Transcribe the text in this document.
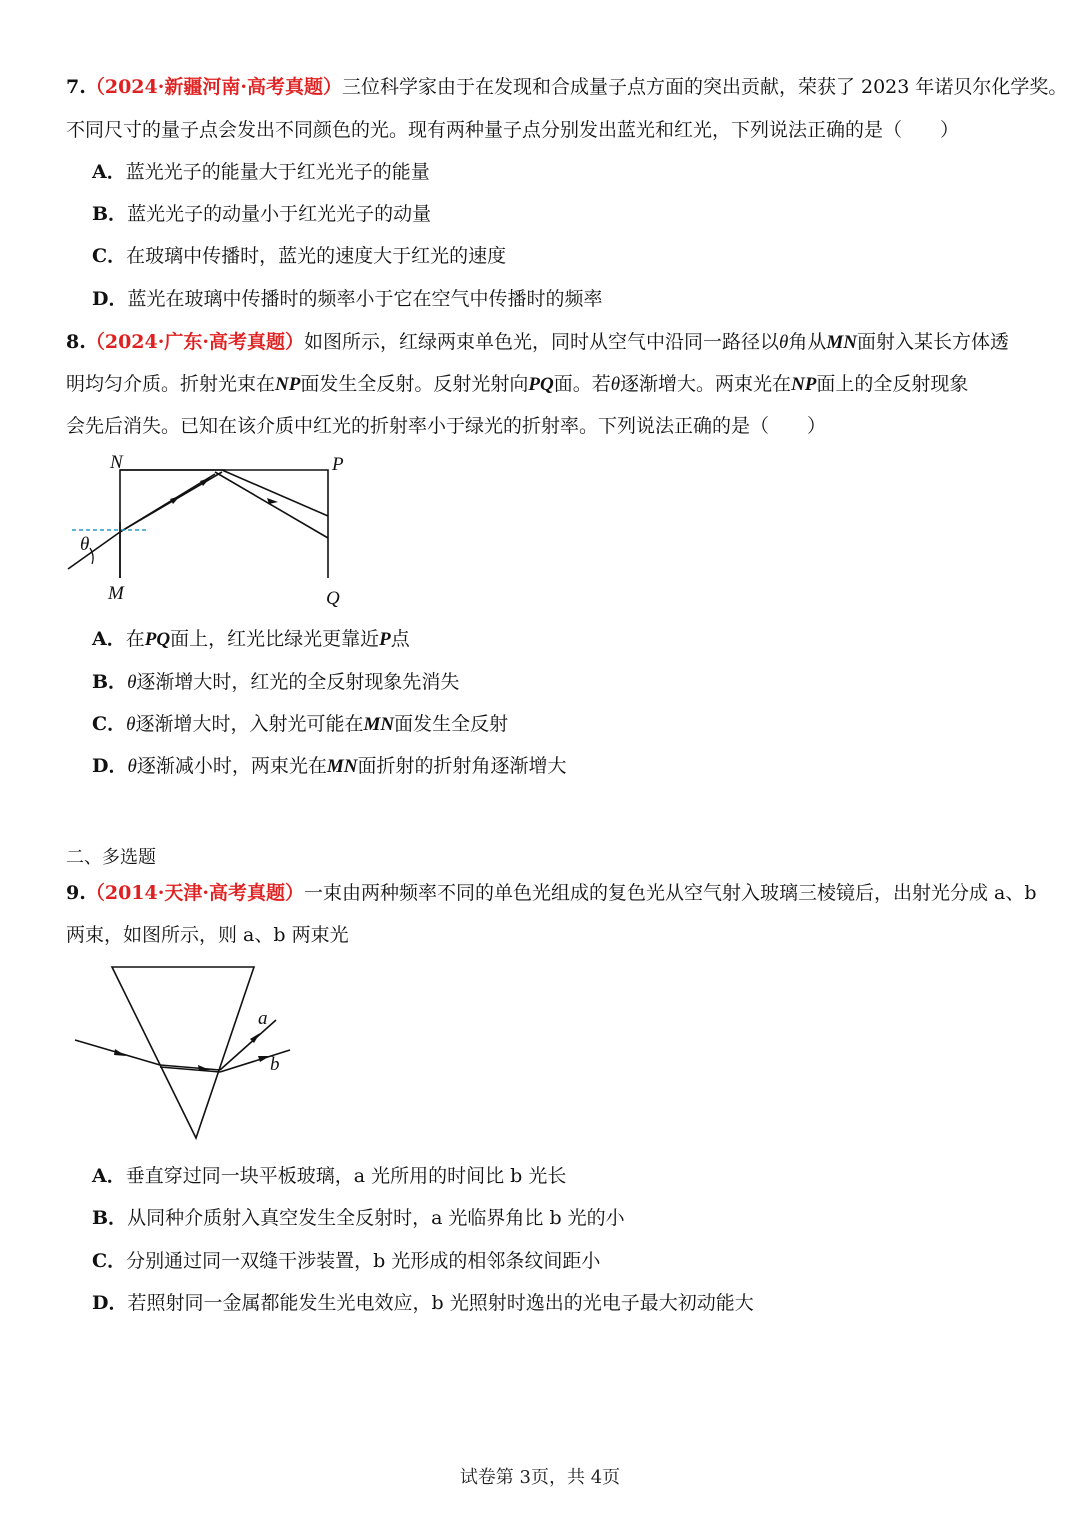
7.（2024·新疆河南·高考真题）三位科学家由于在发现和合成量子点方面的突出贡献，荣获了 2023 年诺贝尔化学奖。
不同尺寸的量子点会发出不同颜色的光。现有两种量子点分别发出蓝光和红光，下列说法正确的是（　　）
A．蓝光光子的能量大于红光光子的能量
B．蓝光光子的动量小于红光光子的动量
C．在玻璃中传播时，蓝光的速度大于红光的速度
D．蓝光在玻璃中传播时的频率小于它在空气中传播时的频率
8.（2024·广东·高考真题）如图所示，红绿两束单色光，同时从空气中沿同一路径以θ角从MN面射入某长方体透
明均匀介质。折射光束在NP面发生全反射。反射光射向PQ面。若θ逐渐增大。两束光在NP面上的全反射现象
会先后消失。已知在该介质中红光的折射率小于绿光的折射率。下列说法正确的是（　　）
N	P
M	Q
θ
A．在PQ面上，红光比绿光更靠近P点
B．θ逐渐增大时，红光的全反射现象先消失
C．θ逐渐增大时，入射光可能在MN面发生全反射
D．θ逐渐减小时，两束光在MN面折射的折射角逐渐增大
二、多选题
9.（2014·天津·高考真题）一束由两种频率不同的单色光组成的复色光从空气射入玻璃三棱镜后，出射光分成 a、b
两束，如图所示，则 a、b 两束光
a
b
A．垂直穿过同一块平板玻璃，a 光所用的时间比 b 光长
B．从同种介质射入真空发生全反射时，a 光临界角比 b 光的小
C．分别通过同一双缝干涉装置，b 光形成的相邻条纹间距小
D．若照射同一金属都能发生光电效应，b 光照射时逸出的光电子最大初动能大
试卷第 3页，共 4页
